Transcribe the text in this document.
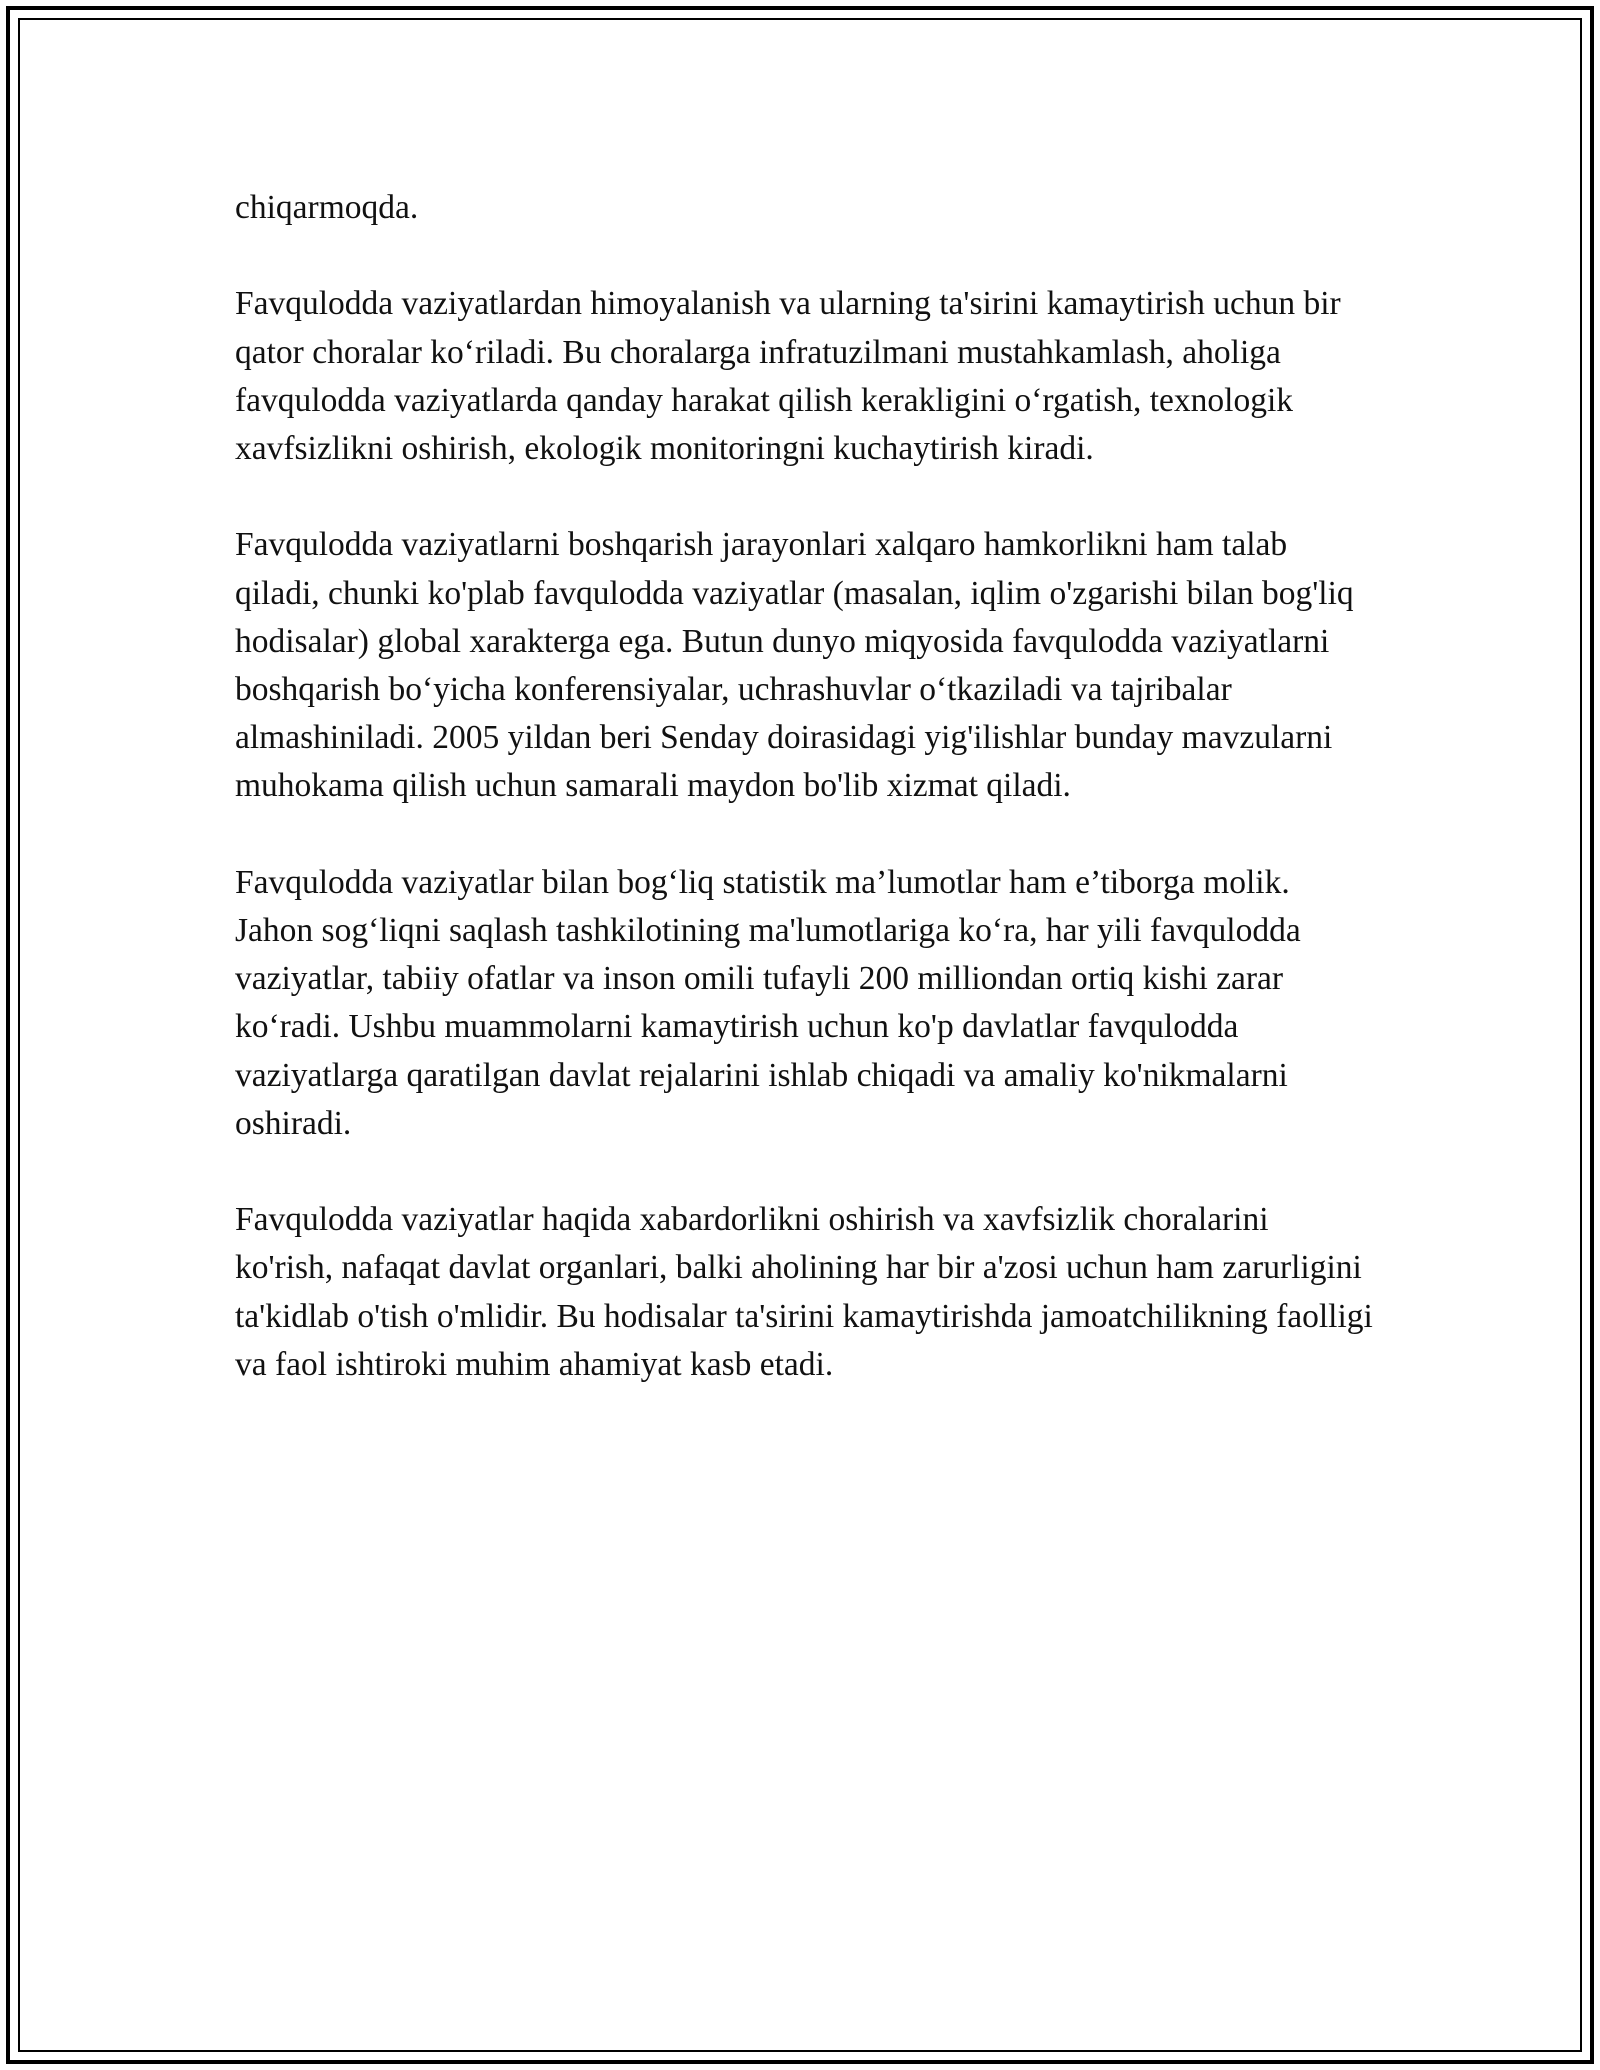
chiqarmoqda.

Favqulodda vaziyatlardan himoyalanish va ularning ta'sirini kamaytirish uchun bir qator choralar ko‘riladi. Bu choralarga infratuzilmani mustahkamlash, aholiga favqulodda vaziyatlarda qanday harakat qilish kerakligini o‘rgatish, texnologik xavfsizlikni oshirish, ekologik monitoringni kuchaytirish kiradi.

Favqulodda vaziyatlarni boshqarish jarayonlari xalqaro hamkorlikni ham talab qiladi, chunki ko'plab favqulodda vaziyatlar (masalan, iqlim o'zgarishi bilan bog'liq hodisalar) global xarakterga ega. Butun dunyo miqyosida favqulodda vaziyatlarni boshqarish bo‘yicha konferensiyalar, uchrashuvlar o‘tkaziladi va tajribalar almashiniladi. 2005 yildan beri Senday doirasidagi yig'ilishlar bunday mavzularni muhokama qilish uchun samarali maydon bo'lib xizmat qiladi.

Favqulodda vaziyatlar bilan bog‘liq statistik ma’lumotlar ham e’tiborga molik. Jahon sog‘liqni saqlash tashkilotining ma'lumotlariga ko‘ra, har yili favqulodda vaziyatlar, tabiiy ofatlar va inson omili tufayli 200 milliondan ortiq kishi zarar ko‘radi. Ushbu muammolarni kamaytirish uchun ko'p davlatlar favqulodda vaziyatlarga qaratilgan davlat rejalarini ishlab chiqadi va amaliy ko'nikmalarni oshiradi.

Favqulodda vaziyatlar haqida xabardorlikni oshirish va xavfsizlik choralarini ko'rish, nafaqat davlat organlari, balki aholining har bir a'zosi uchun ham zarurligini ta'kidlab o'tish o'mlidir. Bu hodisalar ta'sirini kamaytirishda jamoatchilikning faolligi va faol ishtiroki muhim ahamiyat kasb etadi.
